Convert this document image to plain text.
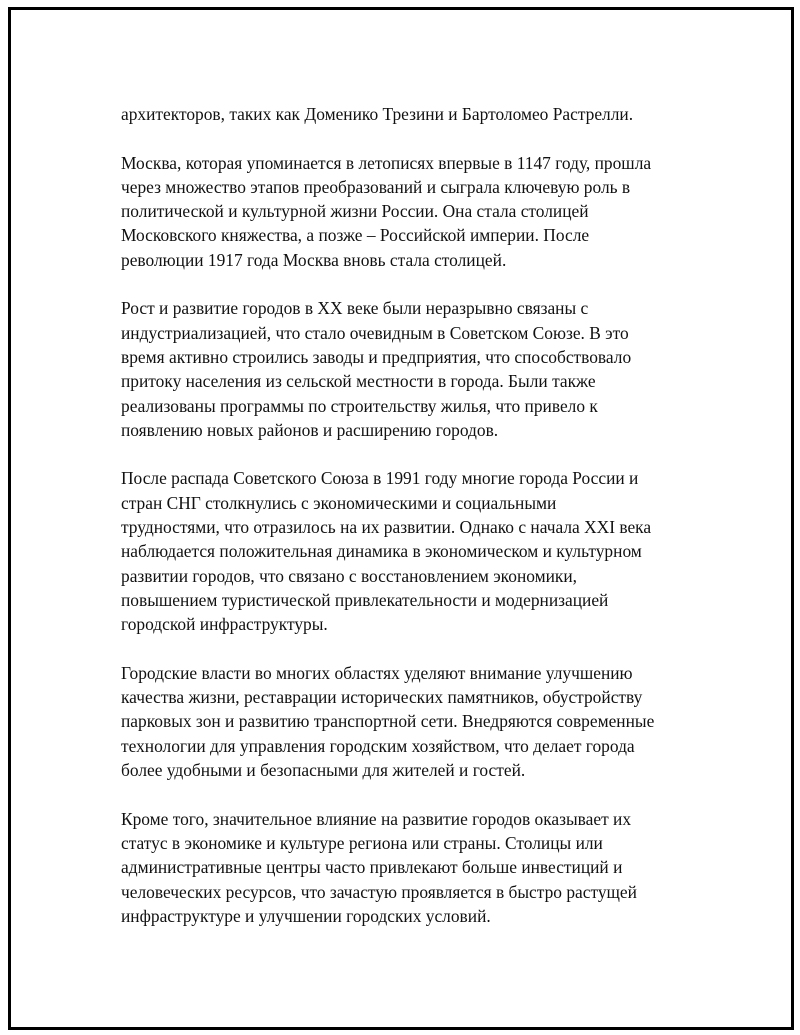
архитекторов, таких как Доменико Трезини и Бартоломео Растрелли.

Москва, которая упоминается в летописях впервые в 1147 году, прошла
через множество этапов преобразований и сыграла ключевую роль в
политической и культурной жизни России. Она стала столицей
Московского княжества, а позже – Российской империи. После
революции 1917 года Москва вновь стала столицей.

Рост и развитие городов в XX веке были неразрывно связаны с
индустриализацией, что стало очевидным в Советском Союзе. В это
время активно строились заводы и предприятия, что способствовало
притоку населения из сельской местности в города. Были также
реализованы программы по строительству жилья, что привело к
появлению новых районов и расширению городов.

После распада Советского Союза в 1991 году многие города России и
стран СНГ столкнулись с экономическими и социальными
трудностями, что отразилось на их развитии. Однако с начала XXI века
наблюдается положительная динамика в экономическом и культурном
развитии городов, что связано с восстановлением экономики,
повышением туристической привлекательности и модернизацией
городской инфраструктуры.

Городские власти во многих областях уделяют внимание улучшению
качества жизни, реставрации исторических памятников, обустройству
парковых зон и развитию транспортной сети. Внедряются современные
технологии для управления городским хозяйством, что делает города
более удобными и безопасными для жителей и гостей.

Кроме того, значительное влияние на развитие городов оказывает их
статус в экономике и культуре региона или страны. Столицы или
административные центры часто привлекают больше инвестиций и
человеческих ресурсов, что зачастую проявляется в быстро растущей
инфраструктуре и улучшении городских условий.
